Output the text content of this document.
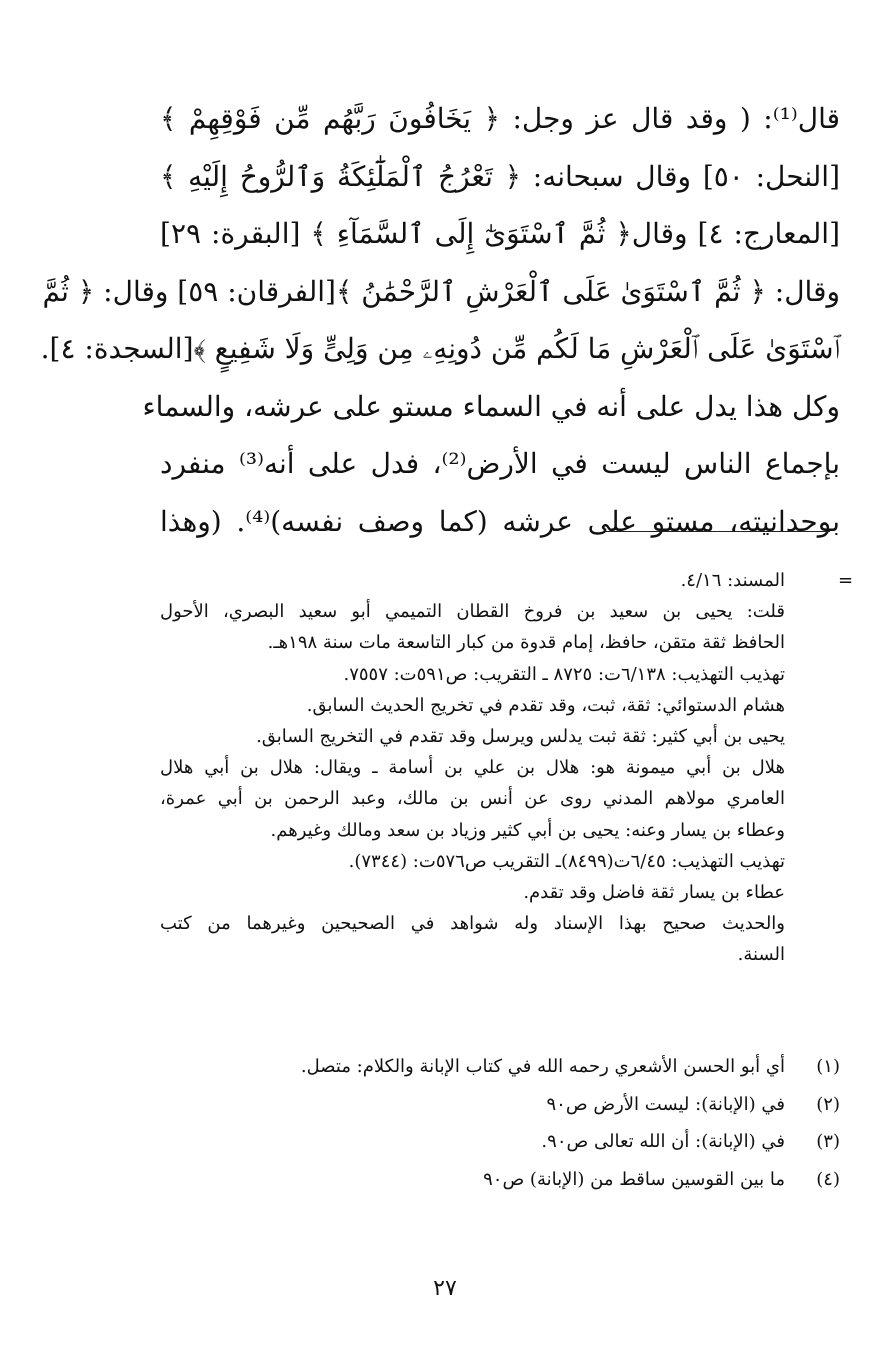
قال⁽¹⁾: ( وقد قال عز وجل: ﴿ يَخَافُونَ رَبَّهُم مِّن فَوْقِهِمْ ﴾
[النحل: ٥٠] وقال سبحانه: ﴿ تَعْرُجُ ٱلْمَلَٰٓئِكَةُ وَٱلرُّوحُ إِلَيْهِ ﴾
[المعارج: ٤] وقال﴿ ثُمَّ ٱسْتَوَىٰٓ إِلَى ٱلسَّمَآءِ ﴾ [البقرة: ٢٩]
وقال: ﴿ ثُمَّ ٱسْتَوَىٰ عَلَى ٱلْعَرْشِ ٱلرَّحْمَٰنُ ﴾[الفرقان: ٥٩] وقال: ﴿ ثُمَّ
ٱسْتَوَىٰ عَلَى ٱلْعَرْشِ مَا لَكُم مِّن دُونِهِۦ مِن وَلِىٍّ وَلَا شَفِيعٍ ﴾[السجدة: ٤].
وكل هذا يدل على أنه في السماء مستو على عرشه، والسماء
بإجماع الناس ليست في الأرض⁽²⁾، فدل على أنه⁽³⁾ منفرد
بوحدانيته، مستو على عرشه (كما وصف نفسه)⁽⁴⁾. (وهذا
=
المسند: ٤/١٦.
قلت: يحيى بن سعيد بن فروخ القطان التميمي أبو سعيد البصري، الأحول
الحافظ ثقة متقن، حافظ، إمام قدوة من كبار التاسعة مات سنة ١٩٨هـ.
تهذيب التهذيب: ٦/١٣٨ت: ٨٧٢٥ ـ التقريب: ص٥٩١ت: ٧٥٥٧.
هشام الدستوائي: ثقة، ثبت، وقد تقدم في تخريج الحديث السابق.
يحيى بن أبي كثير: ثقة ثبت يدلس ويرسل وقد تقدم في التخريج السابق.
هلال بن أبي ميمونة هو: هلال بن علي بن أسامة ـ ويقال: هلال بن أبي هلال
العامري مولاهم المدني روى عن أنس بن مالك، وعبد الرحمن بن أبي عمرة،
وعطاء بن يسار وعنه: يحيى بن أبي كثير وزياد بن سعد ومالك وغيرهم.
تهذيب التهذيب: ٦/٤٥ت(٨٤٩٩)ـ التقريب ص٥٧٦ت: (٧٣٤٤).
عطاء بن يسار ثقة فاضل وقد تقدم.
والحديث صحيح بهذا الإسناد وله شواهد في الصحيحين وغيرهما من كتب
السنة.
(١)
أي أبو الحسن الأشعري رحمه الله في كتاب الإبانة والكلام: متصل.
(٢)
في (الإبانة): ليست الأرض ص٩٠
(٣)
في (الإبانة): أن الله تعالى ص٩٠.
(٤)
ما بين القوسين ساقط من (الإبانة) ص٩٠
٢٧
